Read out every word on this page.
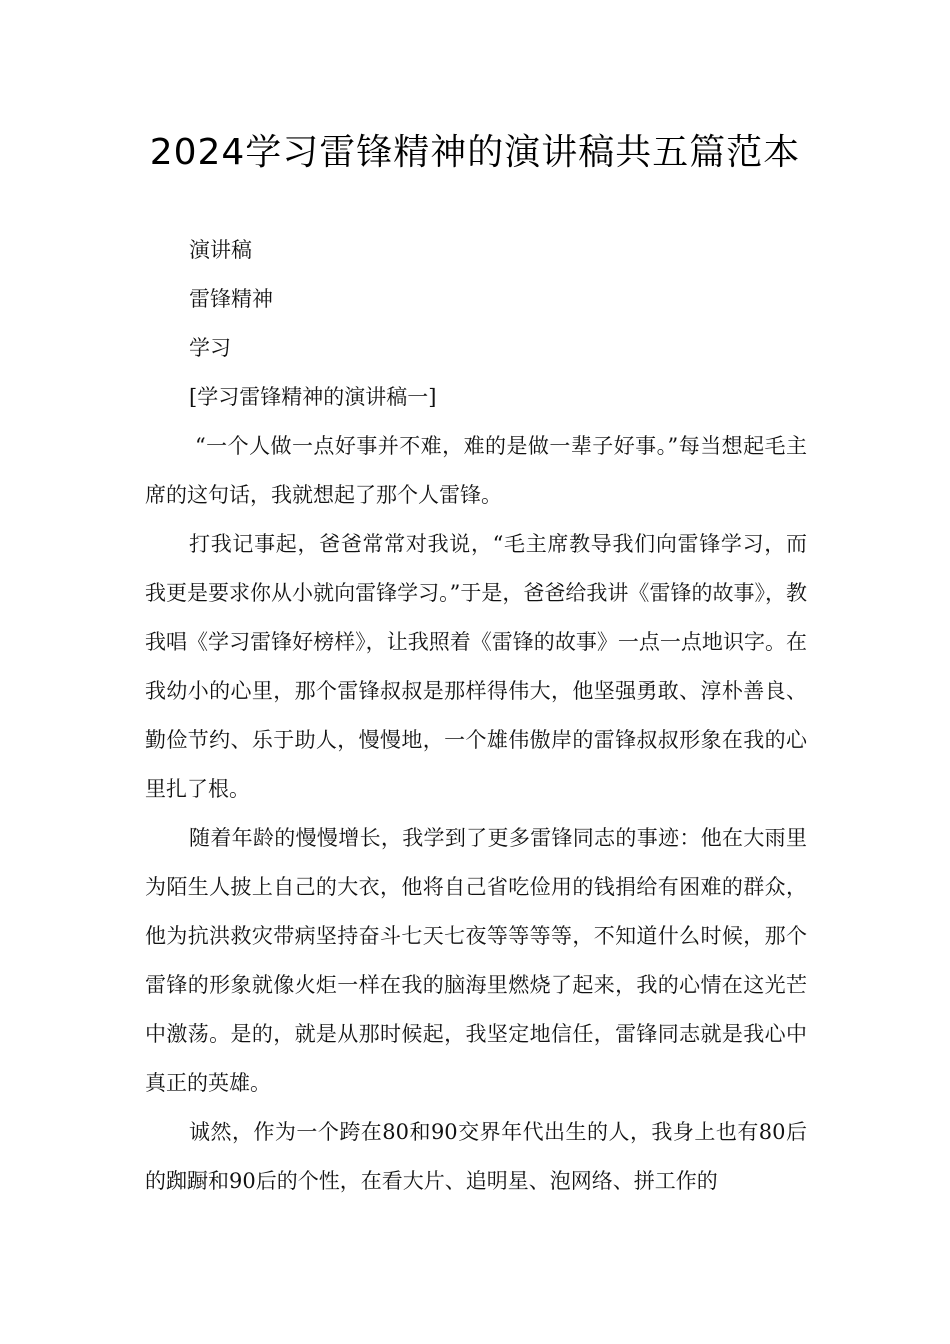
2024学习雷锋精神的演讲稿共五篇范本

演讲稿

雷锋精神

学习

[学习雷锋精神的演讲稿一]

“一个人做一点好事并不难，难的是做一辈子好事。”每当想起毛主席的这句话，我就想起了那个人雷锋。

打我记事起，爸爸常常对我说，“毛主席教导我们向雷锋学习，而我更是要求你从小就向雷锋学习。”于是，爸爸给我讲《雷锋的故事》，教我唱《学习雷锋好榜样》，让我照着《雷锋的故事》一点一点地识字。在我幼小的心里，那个雷锋叔叔是那样得伟大，他坚强勇敢、淳朴善良、勤俭节约、乐于助人，慢慢地，一个雄伟傲岸的雷锋叔叔形象在我的心里扎了根。

随着年龄的慢慢增长，我学到了更多雷锋同志的事迹：他在大雨里为陌生人披上自己的大衣，他将自己省吃俭用的钱捐给有困难的群众，他为抗洪救灾带病坚持奋斗七天七夜等等等等，不知道什么时候，那个雷锋的形象就像火炬一样在我的脑海里燃烧了起来，我的心情在这光芒中激荡。是的，就是从那时候起，我坚定地信任，雷锋同志就是我心中真正的英雄。

诚然，作为一个跨在80和90交界年代出生的人，我身上也有80后的踟蹰和90后的个性，在看大片、追明星、泡网络、拼工作的
